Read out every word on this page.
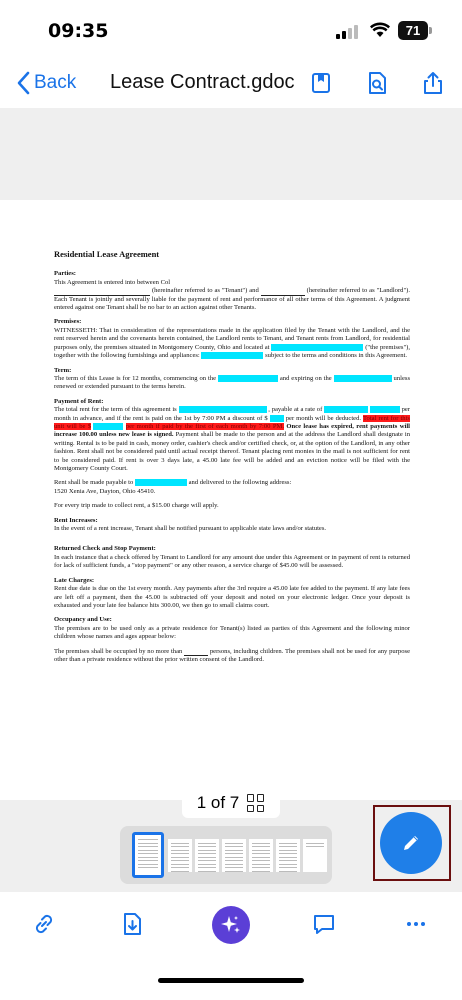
09:35	71
Back Lease Contract.gdoc
Residential Lease Agreement
Parties:
This Agreement is entered into between Col
(hereinafter referred to as "Tenant") and	(hereinafter referred to as "Landlord"). Each Tenant is jointly and severally liable for the payment of rent and performance of all other terms of this Agreement. A judgment entered against one Tenant shall be no bar to an action against other Tenants.
Premises:
WITNESSETH: That in consideration of the representations made in the application filed by the Tenant with the Landlord, and the rent reserved herein and the covenants herein contained, the Landlord rents to Tenant, and Tenant rents from Landlord, for residential purposes only, the premises situated in Montgomery County, Ohio and located at	("the premises"), together with the following furnishings and appliances:	subject to the terms and conditions in this Agreement.
Term:
The term of this Lease is for 12 months, commencing on the	and expiring on the	unless renewed or extended pursuant to the terms herein.
Payment of Rent:
The total rent for the term of this agreement is	, payable at a rate of	per month in advance, and if the rent is paid on the 1st by 7:00 PM a discount of $	per month will be deducted. Total rent for this unit will be $	per month if paid by the first of each month by 7:00 PM. Once lease has expired, rent payments will increase 100.00 unless new lease is signed. Payment shall be made to the person and at the address the Landlord shall designate in writing. Rental is to be paid in cash, money order, cashier's check and/or certified check, or, at the option of the Landlord, in any other fashion. Rent shall not be considered paid until actual receipt thereof. Tenant placing rent monies in the mail is not sufficient for rent to be considered paid. If rent is over 3 days late, a 45.00 late fee will be added and an eviction notice will be filed with the Montgomery County Court.
Rent shall be made payable to	and delivered to the following address:
1520 Xenia Ave, Dayton, Ohio 45410.
For every trip made to collect rent, a $15.00 charge will apply.
Rent Increases:
In the event of a rent increase, Tenant shall be notified pursuant to applicable state laws and/or statutes.
Returned Check and Stop Payment:
In each instance that a check offered by Tenant to Landlord for any amount due under this Agreement or in payment of rent is returned for lack of sufficient funds, a "stop payment" or any other reason, a service charge of $45.00 will be assessed.
Late Charges:
Rent due date is due on the 1st every month. Any payments after the 3rd require a 45.00 late fee added to the payment. If any late fees are left off a payment, then the 45.00 is subtracted off your deposit and noted on your electronic ledger. Once your deposit is exhausted and your late fee balance hits 300.00, we then go to small claims court.
Occupancy and Use:
The premises are to be used only as a private residence for Tenant(s) listed as parties of this Agreement and the following minor children whose names and ages appear below:
The premises shall be occupied by no more than	persons, including children. The premises shall not be used for any purpose other than a private residence without the prior written consent of the Landlord.
1 of 7
